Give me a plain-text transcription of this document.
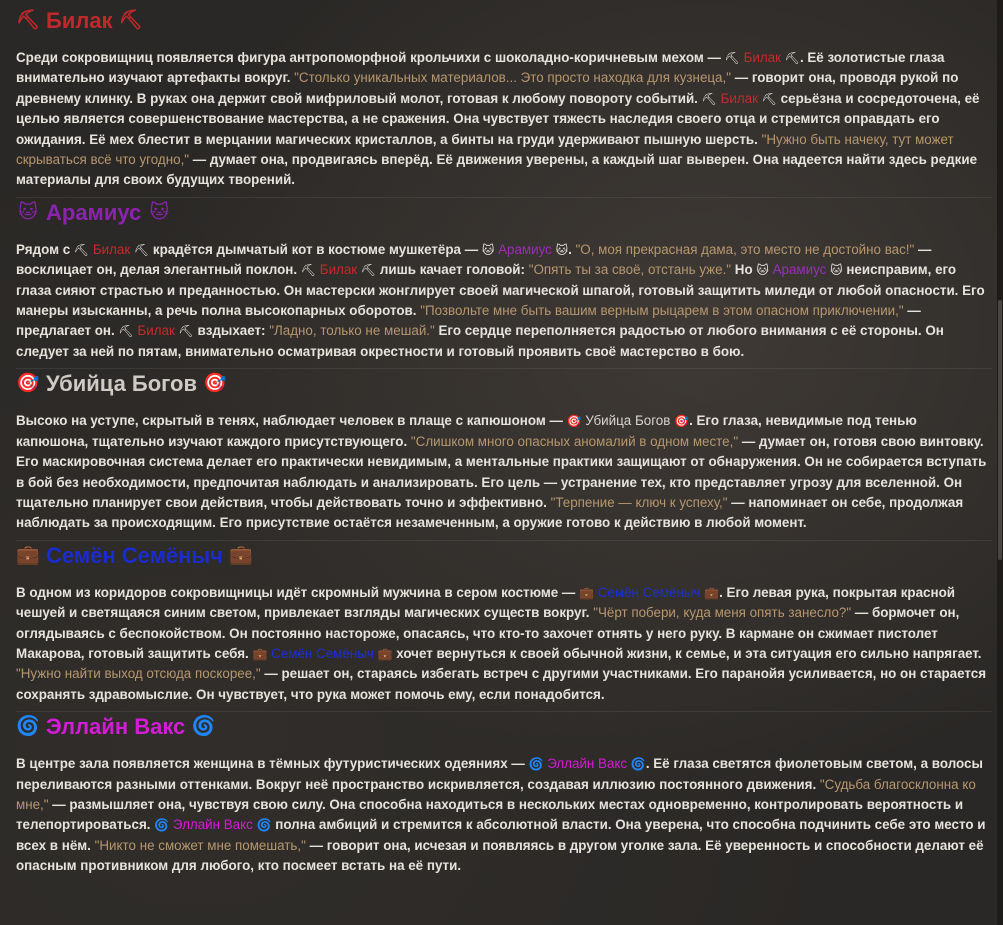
⛏ Билак ⛏

Среди сокровищниц появляется фигура антропоморфной крольчихи с шоколадно-коричневым мехом — ⛏ Билак ⛏. Её золотистые глаза внимательно изучают артефакты вокруг. "Столько уникальных материалов... Это просто находка для кузнеца," — говорит она, проводя рукой по древнему клинку. В руках она держит свой мифриловый молот, готовая к любому повороту событий. ⛏ Билак ⛏ серьёзна и сосредоточена, её целью является совершенствование мастерства, а не сражения. Она чувствует тяжесть наследия своего отца и стремится оправдать его ожидания. Её мех блестит в мерцании магических кристаллов, а бинты на груди удерживают пышную шерсть. "Нужно быть начеку, тут может скрываться всё что угодно," — думает она, продвигаясь вперёд. Её движения уверены, а каждый шаг выверен. Она надеется найти здесь редкие материалы для своих будущих творений.

🐱 Арамиус 🐱

Рядом с ⛏ Билак ⛏ крадётся дымчатый кот в костюме мушкетёра — 🐱 Арамиус 🐱. "О, моя прекрасная дама, это место не достойно вас!" — восклицает он, делая элегантный поклон. ⛏ Билак ⛏ лишь качает головой: "Опять ты за своё, отстань уже." Но 🐱 Арамиус 🐱 неисправим, его глаза сияют страстью и преданностью. Он мастерски жонглирует своей магической шпагой, готовый защитить миледи от любой опасности. Его манеры изысканны, а речь полна высокопарных оборотов. "Позвольте мне быть вашим верным рыцарем в этом опасном приключении," — предлагает он. ⛏ Билак ⛏ вздыхает: "Ладно, только не мешай." Его сердце переполняется радостью от любого внимания с её стороны. Он следует за ней по пятам, внимательно осматривая окрестности и готовый проявить своё мастерство в бою.

🎯 Убийца Богов 🎯

Высоко на уступе, скрытый в тенях, наблюдает человек в плаще с капюшоном — 🎯 Убийца Богов 🎯. Его глаза, невидимые под тенью капюшона, тщательно изучают каждого присутствующего. "Слишком много опасных аномалий в одном месте," — думает он, готовя свою винтовку. Его маскировочная система делает его практически невидимым, а ментальные практики защищают от обнаружения. Он не собирается вступать в бой без необходимости, предпочитая наблюдать и анализировать. Его цель — устранение тех, кто представляет угрозу для вселенной. Он тщательно планирует свои действия, чтобы действовать точно и эффективно. "Терпение — ключ к успеху," — напоминает он себе, продолжая наблюдать за происходящим. Его присутствие остаётся незамеченным, а оружие готово к действию в любой момент.

💼 Семён Семёныч 💼

В одном из коридоров сокровищницы идёт скромный мужчина в сером костюме — 💼 Семён Семёныч 💼. Его левая рука, покрытая красной чешуей и светящаяся синим светом, привлекает взгляды магических существ вокруг. "Чёрт побери, куда меня опять занесло?" — бормочет он, оглядываясь с беспокойством. Он постоянно настороже, опасаясь, что кто-то захочет отнять у него руку. В кармане он сжимает пистолет Макарова, готовый защитить себя. 💼 Семён Семёныч 💼 хочет вернуться к своей обычной жизни, к семье, и эта ситуация его сильно напрягает. "Нужно найти выход отсюда поскорее," — решает он, стараясь избегать встреч с другими участниками. Его паранойя усиливается, но он старается сохранять здравомыслие. Он чувствует, что рука может помочь ему, если понадобится.

🌀 Эллайн Вакс 🌀

В центре зала появляется женщина в тёмных футуристических одеяниях — 🌀 Эллайн Вакс 🌀. Её глаза светятся фиолетовым светом, а волосы переливаются разными оттенками. Вокруг неё пространство искривляется, создавая иллюзию постоянного движения. "Судьба благосклонна ко мне," — размышляет она, чувствуя свою силу. Она способна находиться в нескольких местах одновременно, контролировать вероятность и телепортироваться. 🌀 Эллайн Вакс 🌀 полна амбиций и стремится к абсолютной власти. Она уверена, что способна подчинить себе это место и всех в нём. "Никто не сможет мне помешать," — говорит она, исчезая и появляясь в другом уголке зала. Её уверенность и способности делают её опасным противником для любого, кто посмеет встать на её пути.
